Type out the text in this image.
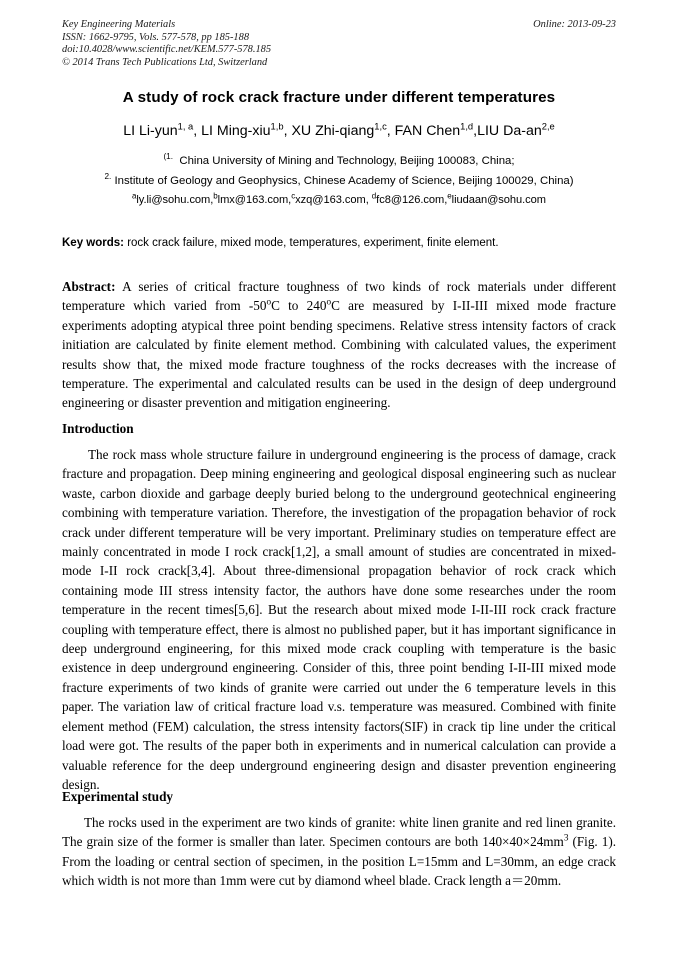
Key Engineering Materials	Online: 2013-09-23
ISSN: 1662-9795, Vols. 577-578, pp 185-188
doi:10.4028/www.scientific.net/KEM.577-578.185
© 2014 Trans Tech Publications Ltd, Switzerland
A study of rock crack fracture under different temperatures
LI Li-yun$^{1, a}$, LI Ming-xiu$^{1,b}$, XU Zhi-qiang$^{1,c}$, FAN Chen$^{1,d}$,LIU Da-an$^{2,e}$
$^{(1.}$ China University of Mining and Technology, Beijing 100083, China;
$^{2.}$ Institute of Geology and Geophysics, Chinese Academy of Science, Beijing 100029, China)
$^a$ly.li@sohu.com,$^b$lmx@163.com,$^c$xzq@163.com, $^d$fc8@126.com,$^e$liudaan@sohu.com
Key words: rock crack failure, mixed mode, temperatures, experiment, finite element.
Abstract: A series of critical fracture toughness of two kinds of rock materials under different temperature which varied from -50$^o$C to 240$^o$C are measured by I-II-III mixed mode fracture experiments adopting atypical three point bending specimens. Relative stress intensity factors of crack initiation are calculated by finite element method. Combining with calculated values, the experiment results show that, the mixed mode fracture toughness of the rocks decreases with the increase of temperature. The experimental and calculated results can be used in the design of deep underground engineering or disaster prevention and mitigation engineering.
Introduction
The rock mass whole structure failure in underground engineering is the process of damage, crack fracture and propagation. Deep mining engineering and geological disposal engineering such as nuclear waste, carbon dioxide and garbage deeply buried belong to the underground geotechnical engineering combining with temperature variation. Therefore, the investigation of the propagation behavior of rock crack under different temperature will be very important. Preliminary studies on temperature effect are mainly concentrated in mode I rock crack[1,2], a small amount of studies are concentrated in mixed-mode I-II rock crack[3,4]. About three-dimensional propagation behavior of rock crack which containing mode III stress intensity factor, the authors have done some researches under the room temperature in the recent times[5,6]. But the research about mixed mode I-II-III rock crack fracture coupling with temperature effect, there is almost no published paper, but it has important significance in deep underground engineering, for this mixed mode crack coupling with temperature is the basic existence in deep underground engineering. Consider of this, three point bending I-II-III mixed mode fracture experiments of two kinds of granite were carried out under the 6 temperature levels in this paper. The variation law of critical fracture load v.s. temperature was measured. Combined with finite element method (FEM) calculation, the stress intensity factors(SIF) in crack tip line under the critical load were got. The results of the paper both in experiments and in numerical calculation can provide a valuable reference for the deep underground engineering design and disaster prevention engineering design.
Experimental study
The rocks used in the experiment are two kinds of granite: white linen granite and red linen granite. The grain size of the former is smaller than later. Specimen contours are both $140\times 40\times 24mm^3$ (Fig. 1). From the loading or central section of specimen, in the position L=15mm and L=30mm, an edge crack which width is not more than 1mm were cut by diamond wheel blade. Crack length a＝20mm.
